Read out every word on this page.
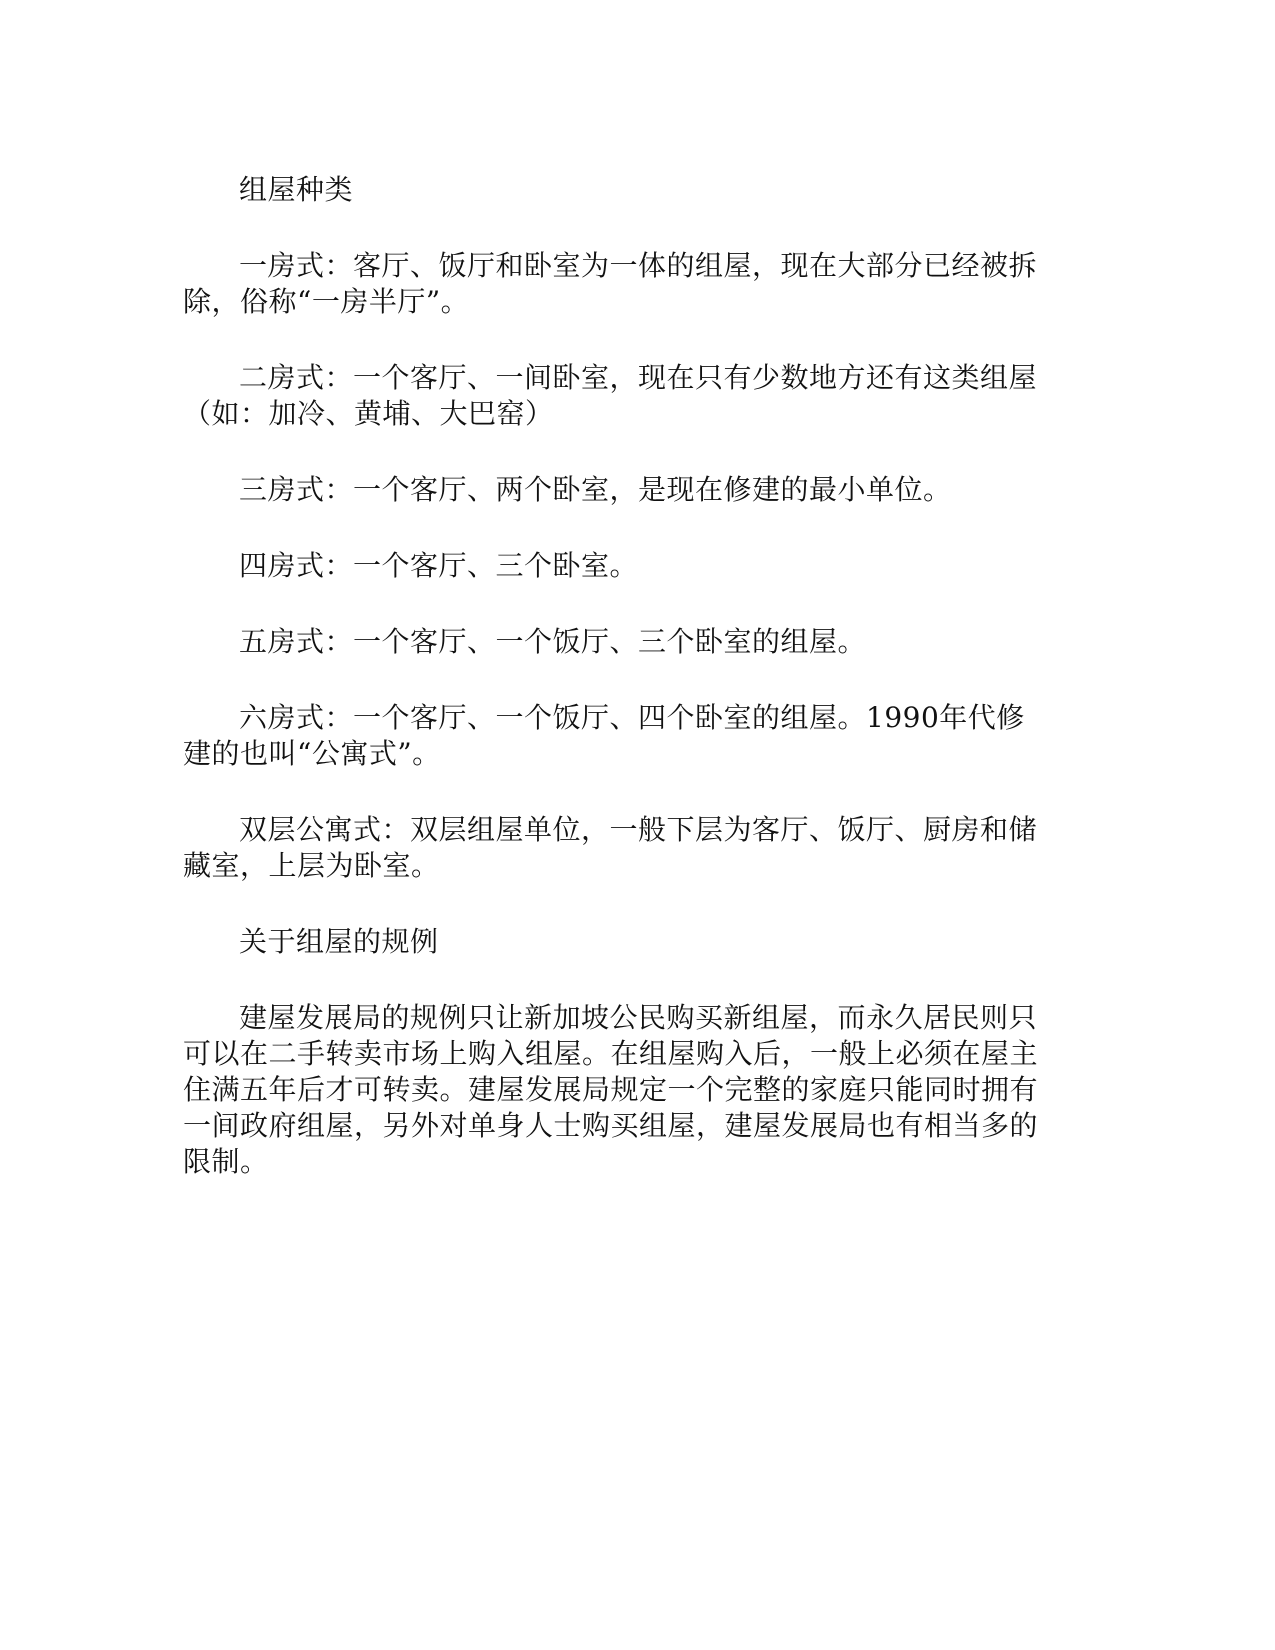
组屋种类

一房式：客厅、饭厅和卧室为一体的组屋，现在大部分已经被拆除，俗称“一房半厅”。

二房式：一个客厅、一间卧室，现在只有少数地方还有这类组屋（如：加冷、黄埔、大巴窑）

三房式：一个客厅、两个卧室，是现在修建的最小单位。

四房式：一个客厅、三个卧室。

五房式：一个客厅、一个饭厅、三个卧室的组屋。

六房式：一个客厅、一个饭厅、四个卧室的组屋。1990年代修建的也叫“公寓式”。

双层公寓式：双层组屋单位，一般下层为客厅、饭厅、厨房和储藏室，上层为卧室。

关于组屋的规例

建屋发展局的规例只让新加坡公民购买新组屋，而永久居民则只可以在二手转卖市场上购入组屋。在组屋购入后，一般上必须在屋主住满五年后才可转卖。建屋发展局规定一个完整的家庭只能同时拥有一间政府组屋，另外对单身人士购买组屋，建屋发展局也有相当多的限制。
